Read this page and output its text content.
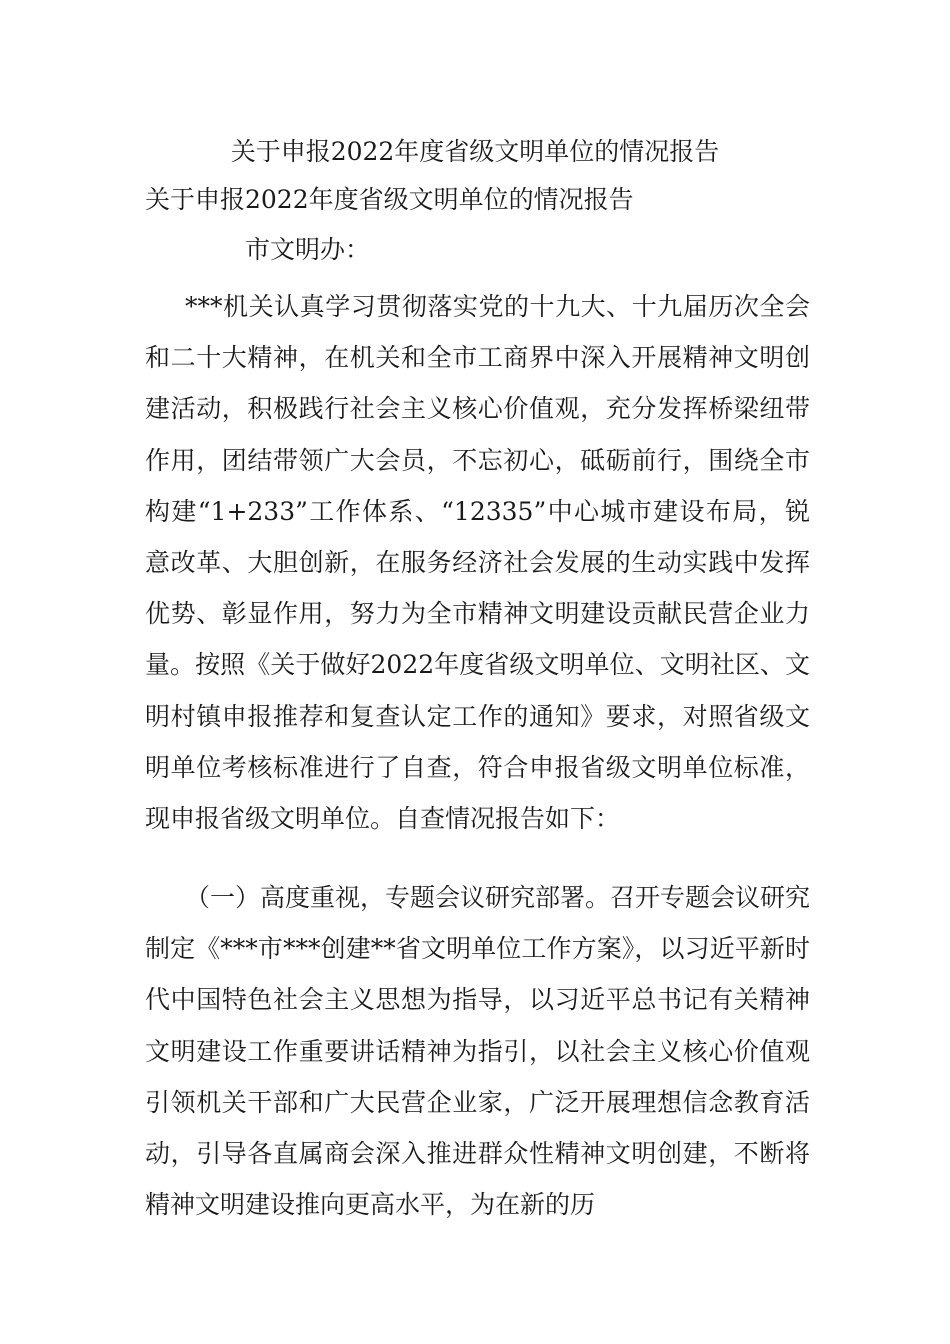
关于申报2022年度省级文明单位的情况报告
关于申报2022年度省级文明单位的情况报告
市文明办：
***机关认真学习贯彻落实党的十九大、十九届历次全会和二十大精神，在机关和全市工商界中深入开展精神文明创建活动，积极践行社会主义核心价值观，充分发挥桥梁纽带作用，团结带领广大会员，不忘初心，砥砺前行，围绕全市构建“1+233”工作体系、“12335”中心城市建设布局，锐意改革、大胆创新，在服务经济社会发展的生动实践中发挥优势、彰显作用，努力为全市精神文明建设贡献民营企业力量。按照《关于做好2022年度省级文明单位、文明社区、文明村镇申报推荐和复查认定工作的通知》要求，对照省级文明单位考核标准进行了自查，符合申报省级文明单位标准，现申报省级文明单位。自查情况报告如下：
（一）高度重视，专题会议研究部署。召开专题会议研究制定《***市***创建**省文明单位工作方案》，以习近平新时代中国特色社会主义思想为指导，以习近平总书记有关精神文明建设工作重要讲话精神为指引，以社会主义核心价值观引领机关干部和广大民营企业家，广泛开展理想信念教育活动，引导各直属商会深入推进群众性精神文明创建，不断将精神文明建设推向更高水平，为在新的历
